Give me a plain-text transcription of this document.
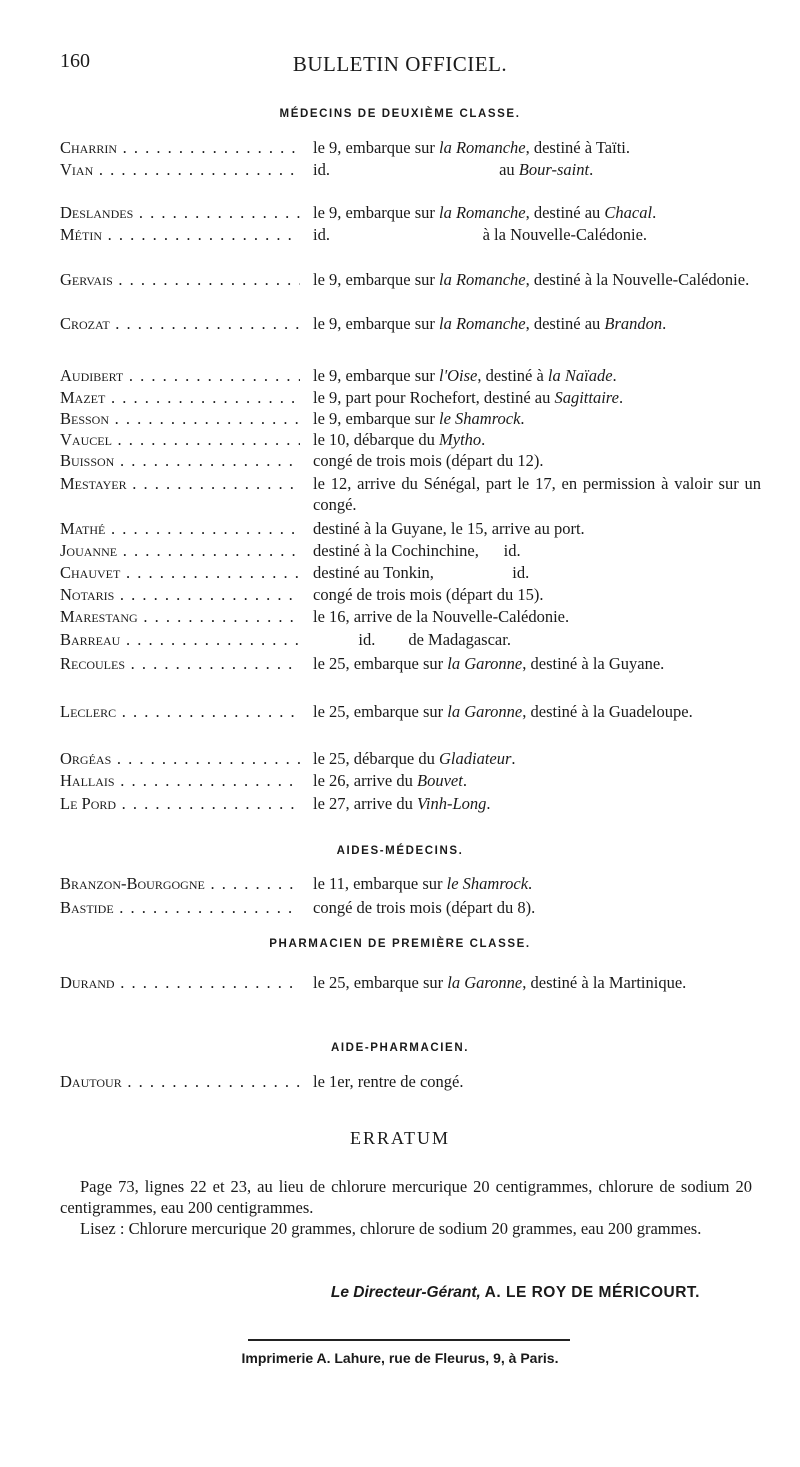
160	BULLETIN OFFICIEL.
MÉDECINS DE DEUXIÈME CLASSE.
Charrin . . .	le 9, embarque sur la Romanche, destiné à Taïti.
Vian . . .	id.                                         au Bour-saint.
Deslandes . . .	le 9, embarque sur la Romanche, destiné au Chacal.
Métin . . .	id.                                     à la Nouvelle-Calédonie.
Gervais . . .	le 9, embarque sur la Romanche, destiné à la Nouvelle-Calédonie.
Crozat . . .	le 9, embarque sur la Romanche, destiné au Brandon.
Audibert . . .	le 9, embarque sur l'Oise, destiné à la Naïade.
Mazet . . .	le 9, part pour Rochefort, destiné au Sagittaire.
Besson . . .	le 9, embarque sur le Shamrock.
Vaucel . . .	le 10, débarque du Mytho.
Buisson . . .	congé de trois mois (départ du 12).
Mestayer . . .	le 12, arrive du Sénégal, part le 17, en permission à valoir sur un congé.
Mathé . . .	destiné à la Guyane, le 15, arrive au port.
Jouanne . . .	destiné à la Cochinchine,      id.
Chauvet . . .	destiné au Tonkin,                   id.
Notaris . . .	congé de trois mois (départ du 15).
Marestang . . .	le 16, arrive de la Nouvelle-Calédonie.
Barreau . . .	id.        de Madagascar.
Recoules . . .	le 25, embarque sur la Garonne, destiné à la Guyane.
Leclerc . . .	le 25, embarque sur la Garonne, destiné à la Guadeloupe.
Orgéas . . .	le 25, débarque du Gladiateur.
Hallais . . .	le 26, arrive du Bouvet.
Le Pord . . .	le 27, arrive du Vinh-Long.
AIDES-MÉDECINS.
Branzon-Bourgogne . . .	le 11, embarque sur le Shamrock.
Bastide . . .	congé de trois mois (départ du 8).
PHARMACIEN DE PREMIÈRE CLASSE.
Durand . . .	le 25, embarque sur la Garonne, destiné à la Martinique.
AIDE-PHARMACIEN.
Dautour . . .	le 1er, rentre de congé.
ERRATUM

Page 73, lignes 22 et 23, au lieu de chlorure mercurique 20 centigrammes, chlorure de sodium 20 centigrammes, eau 200 centigrammes.

Lisez : Chlorure mercurique 20 grammes, chlorure de sodium 20 grammes, eau 200 grammes.

Le Directeur-Gérant, A. LE ROY DE MÉRICOURT.
Imprimerie A. Lahure, rue de Fleurus, 9, à Paris.
